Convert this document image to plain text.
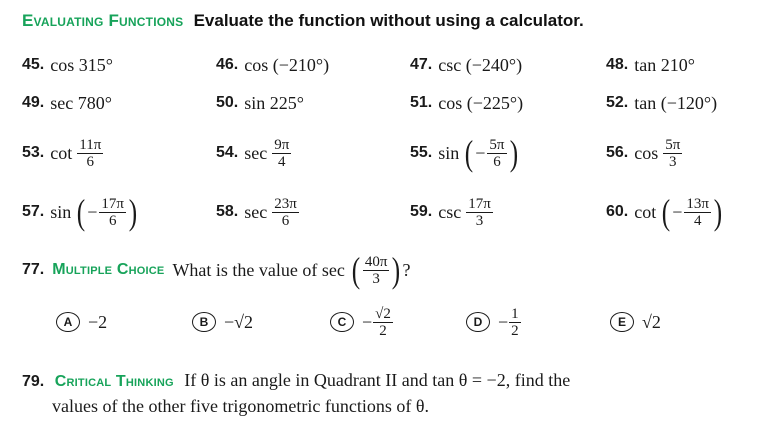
Evaluating Functions Evaluate the function without using a calculator.
45. cos 315°	46. cos (−210°)	47. csc (−240°)	48. tan 210°
49. sec 780°	50. sin 225°	51. cos (−225°)	52. tan (−120°)
53. $\cot \frac{11\pi}{6}$	54. $\sec \frac{9\pi}{4}$	55. sin ( − $\frac{5\pi}{6}$ )	56. $\cos \frac{5\pi}{3}$
57. sin ( − $\frac{17\pi}{6}$ )	58. $\sec \frac{23\pi}{6}$	59. $\csc \frac{17\pi}{3}$	60. cot ( − $\frac{13\pi}{4}$ )
77. Multiple Choice What is the value of sec ( $\frac{40\pi}{3}$ ) ?
A −2	B −√2	$C - \frac{√2}{2}$	$D - \frac{1}{2}$	E √2
79. Critical Thinking If θ is an angle in Quadrant II and tan θ = −2, find the
values of the other five trigonometric functions of θ.
